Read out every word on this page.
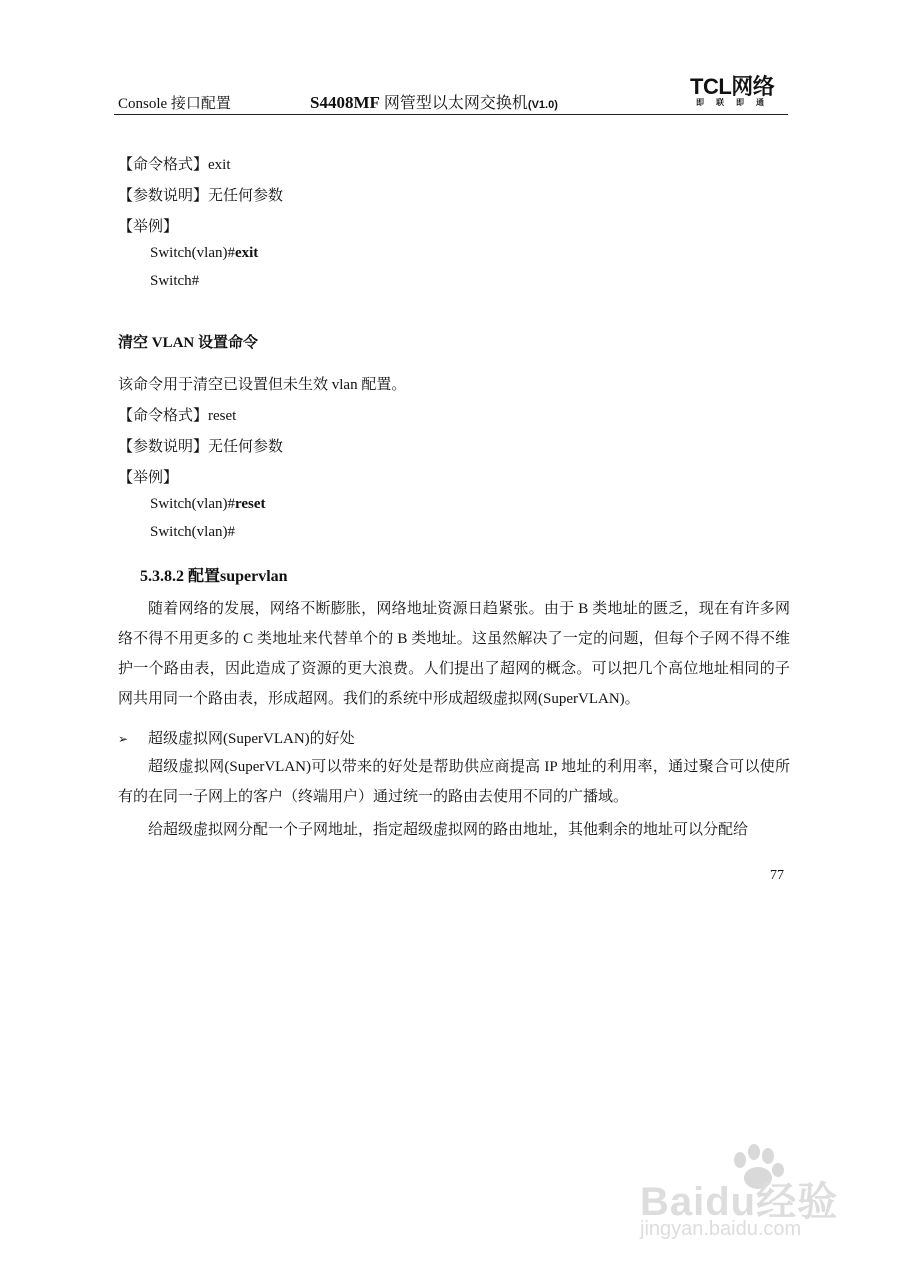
Console 接口配置	S4408MF 网管型以太网交换机(V1.0)
TCL网络
即联即通
【命令格式】exit
【参数说明】无任何参数
【举例】
Switch(vlan)#exit
Switch#
清空 VLAN 设置命令
该命令用于清空已设置但未生效 vlan 配置。
【命令格式】reset
【参数说明】无任何参数
【举例】
Switch(vlan)#reset
Switch(vlan)#
5.3.8.2 配置supervlan
随着网络的发展，网络不断膨胀，网络地址资源日趋紧张。由于 B 类地址的匮乏，现在有许多网络不得不用更多的 C 类地址来代替单个的 B 类地址。这虽然解决了一定的问题，但每个子网不得不维护一个路由表，因此造成了资源的更大浪费。人们提出了超网的概念。可以把几个高位地址相同的子网共用同一个路由表，形成超网。我们的系统中形成超级虚拟网(SuperVLAN)。
➢ 超级虚拟网(SuperVLAN)的好处
超级虚拟网(SuperVLAN)可以带来的好处是帮助供应商提高 IP 地址的利用率，通过聚合可以使所有的在同一子网上的客户（终端用户）通过统一的路由去使用不同的广播域。
给超级虚拟网分配一个子网地址，指定超级虚拟网的路由地址，其他剩余的地址可以分配给
77
Baidu经验
jingyan.baidu.com
